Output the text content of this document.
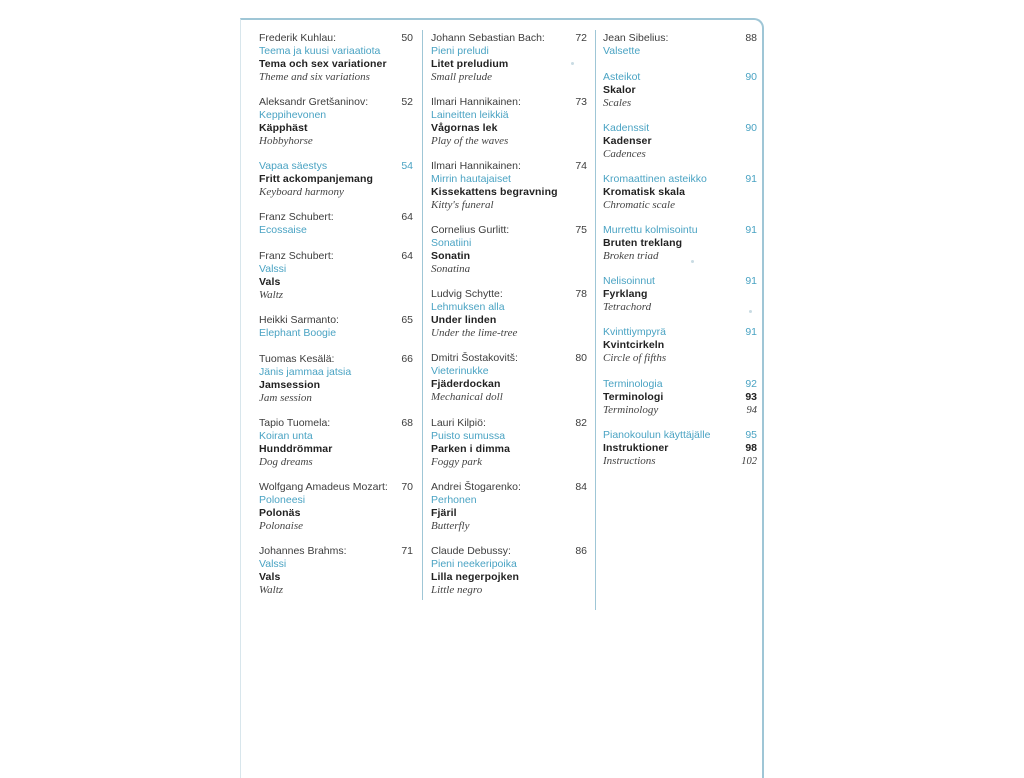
Frederik Kuhlau:	50
Teema ja kuusi variaatiota
Tema och sex variationer
Theme and six variations
Aleksandr Gretšaninov:	52
Keppihevonen
Käpphäst
Hobbyhorse
Vapaa säestys	54
Fritt ackompanjemang
Keyboard harmony
Franz Schubert:	64
Ecossaise
Franz Schubert:	64
Valssi
Vals
Waltz
Heikki Sarmanto:	65
Elephant Boogie
Tuomas Kesälä:	66
Jänis jammaa jatsia
Jamsession
Jam session
Tapio Tuomela:	68
Koiran unta
Hunddrömmar
Dog dreams
Wolfgang Amadeus Mozart: 70
Poloneesi
Polonäs
Polonaise
Johannes Brahms:	71
Valssi
Vals
Waltz
Johann Sebastian Bach:	72
Pieni preludi
Litet preludium
Small prelude
Ilmari Hannikainen:	73
Laineitten leikkiä
Vågornas lek
Play of the waves
Ilmari Hannikainen:	74
Mirrin hautajaiset
Kissekattens begravning
Kitty's funeral
Cornelius Gurlitt:	75
Sonatiini
Sonatin
Sonatina
Ludvig Schytte:	78
Lehmuksen alla
Under linden
Under the lime-tree
Dmitri Šostakovitš:	80
Vieterinukke
Fjäderdockan
Mechanical doll
Lauri Kilpiö:	82
Puisto sumussa
Parken i dimma
Foggy park
Andrei Štogarenko:	84
Perhonen
Fjäril
Butterfly
Claude Debussy:	86
Pieni neekeripoika
Lilla negerpojken
Little negro
Jean Sibelius:	88
Valsette
Asteikot	90
Skalor
Scales
Kadenssit	90
Kadenser
Cadences
Kromaattinen asteikko	91
Kromatisk skala
Chromatic scale
Murrettu kolmisointu	91
Bruten treklang
Broken triad
Nelisoinnut	91
Fyrklang
Tetrachord
Kvinttiympyrä	91
Kvintcirkeln
Circle of fifths
Terminologia	92
Terminologi	93
Terminology	94
Pianokoulun käyttäjälle	95
Instruktioner	98
Instructions	102
